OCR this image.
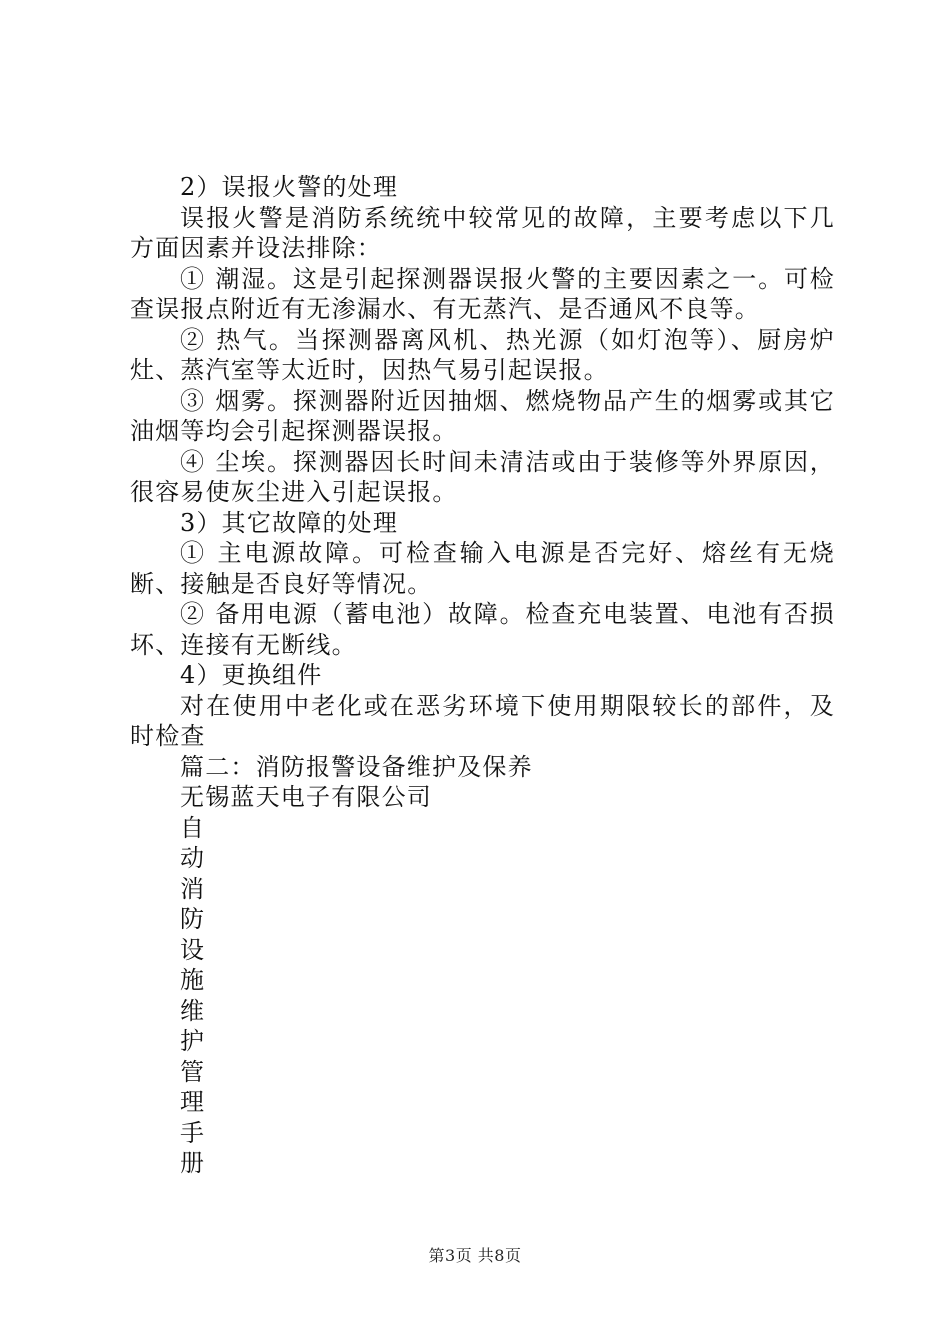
2）误报火警的处理

误报火警是消防系统统中较常见的故障，主要考虑以下几方面因素并设法排除：

① 潮湿。这是引起探测器误报火警的主要因素之一。可检查误报点附近有无渗漏水、有无蒸汽、是否通风不良等。

② 热气。当探测器离风机、热光源（如灯泡等）、厨房炉灶、蒸汽室等太近时，因热气易引起误报。

③ 烟雾。探测器附近因抽烟、燃烧物品产生的烟雾或其它油烟等均会引起探测器误报。

④ 尘埃。探测器因长时间未清洁或由于装修等外界原因，很容易使灰尘进入引起误报。

3）其它故障的处理

① 主电源故障。可检查输入电源是否完好、熔丝有无烧断、接触是否良好等情况。

② 备用电源（蓄电池）故障。检查充电装置、电池有否损坏、连接有无断线。

4）更换组件

对在使用中老化或在恶劣环境下使用期限较长的部件，及时检查

篇二：消防报警设备维护及保养

无锡蓝天电子有限公司

自
动
消
防
设
施
维
护
管
理
手
册
第3页 共8页
